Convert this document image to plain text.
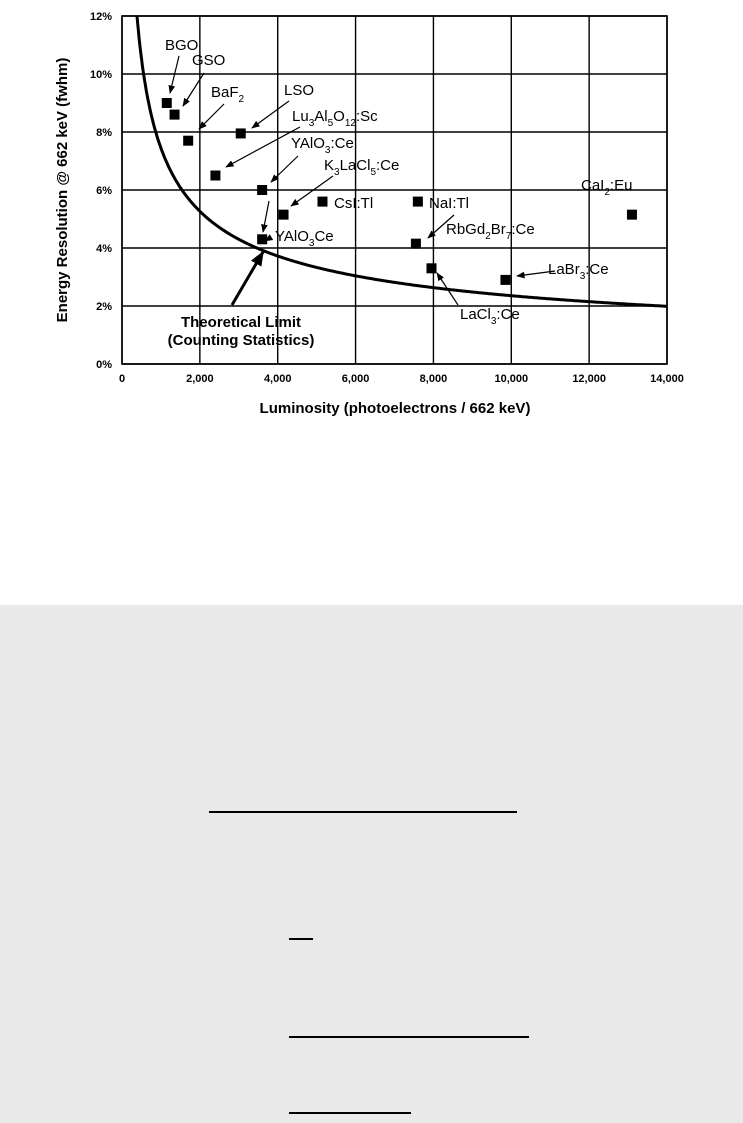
0	2,000	4,000	6,000	8,000	10,000	12,000	14,000
0%
2%
4%
6%
8%
10%
12%
Luminosity (photoelectrons / 662 keV)
Energy Resolution @ 662 keV (fwhm)
BGO
GSO
BaF$_2$
LSO
$Lu_3Al_5O_{12}:Sc$
YAlO$_3$:Ce
$K_3LaCl_5:Ce$
CsI:Tl	NaI:Tl
CaI$_2$:Eu
$RbGd_2Br_7:Ce$
YAlO$_3$Ce
LaBr$_3$:Ce
LaCl$_3$:Ce
Theoretical Limit
(Counting Statistics)
